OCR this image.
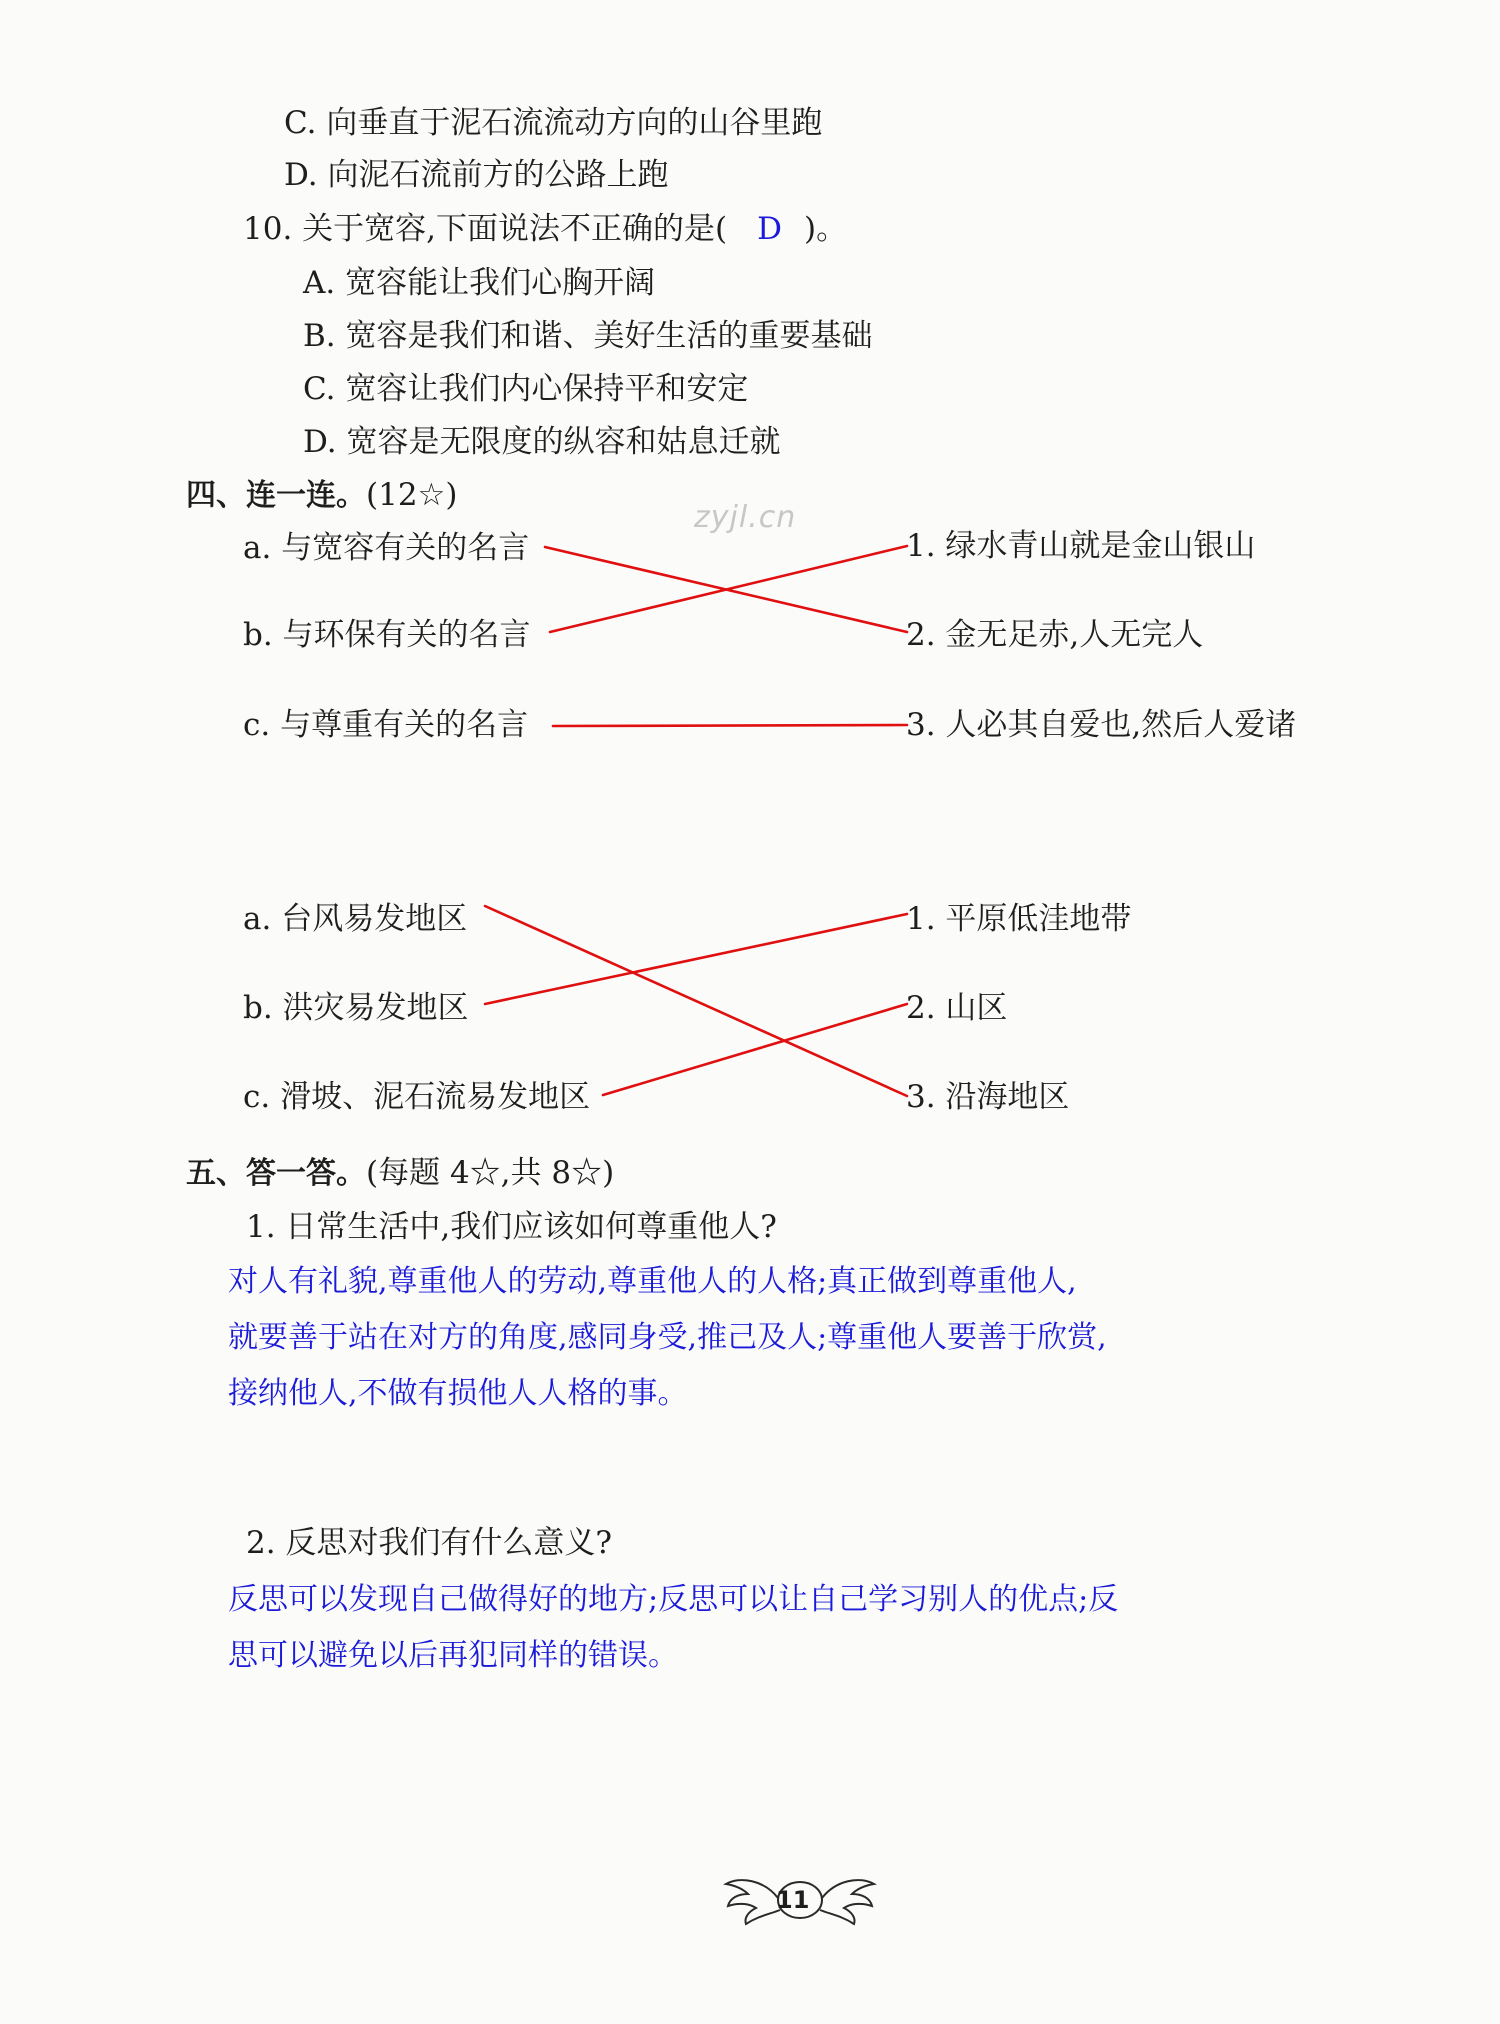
C. 向垂直于泥石流流动方向的山谷里跑
D. 向泥石流前方的公路上跑
10. 关于宽容,下面说法不正确的是( D )。
A. 宽容能让我们心胸开阔
B. 宽容是我们和谐、美好生活的重要基础
C. 宽容让我们内心保持平和安定
D. 宽容是无限度的纵容和姑息迁就
四、连一连。(12☆)
zyjl.cn
a. 与宽容有关的名言
b. 与环保有关的名言
c. 与尊重有关的名言
1. 绿水青山就是金山银山
2. 金无足赤,人无完人
3. 人必其自爱也,然后人爱诸
a. 台风易发地区
b. 洪灾易发地区
c. 滑坡、泥石流易发地区
1. 平原低洼地带
2. 山区
3. 沿海地区
五、答一答。(每题 4☆,共 8☆)
1. 日常生活中,我们应该如何尊重他人?
对人有礼貌,尊重他人的劳动,尊重他人的人格;真正做到尊重他人,
就要善于站在对方的角度,感同身受,推己及人;尊重他人要善于欣赏,
接纳他人,不做有损他人人格的事。
2. 反思对我们有什么意义?
反思可以发现自己做得好的地方;反思可以让自己学习别人的优点;反
思可以避免以后再犯同样的错误。
11
